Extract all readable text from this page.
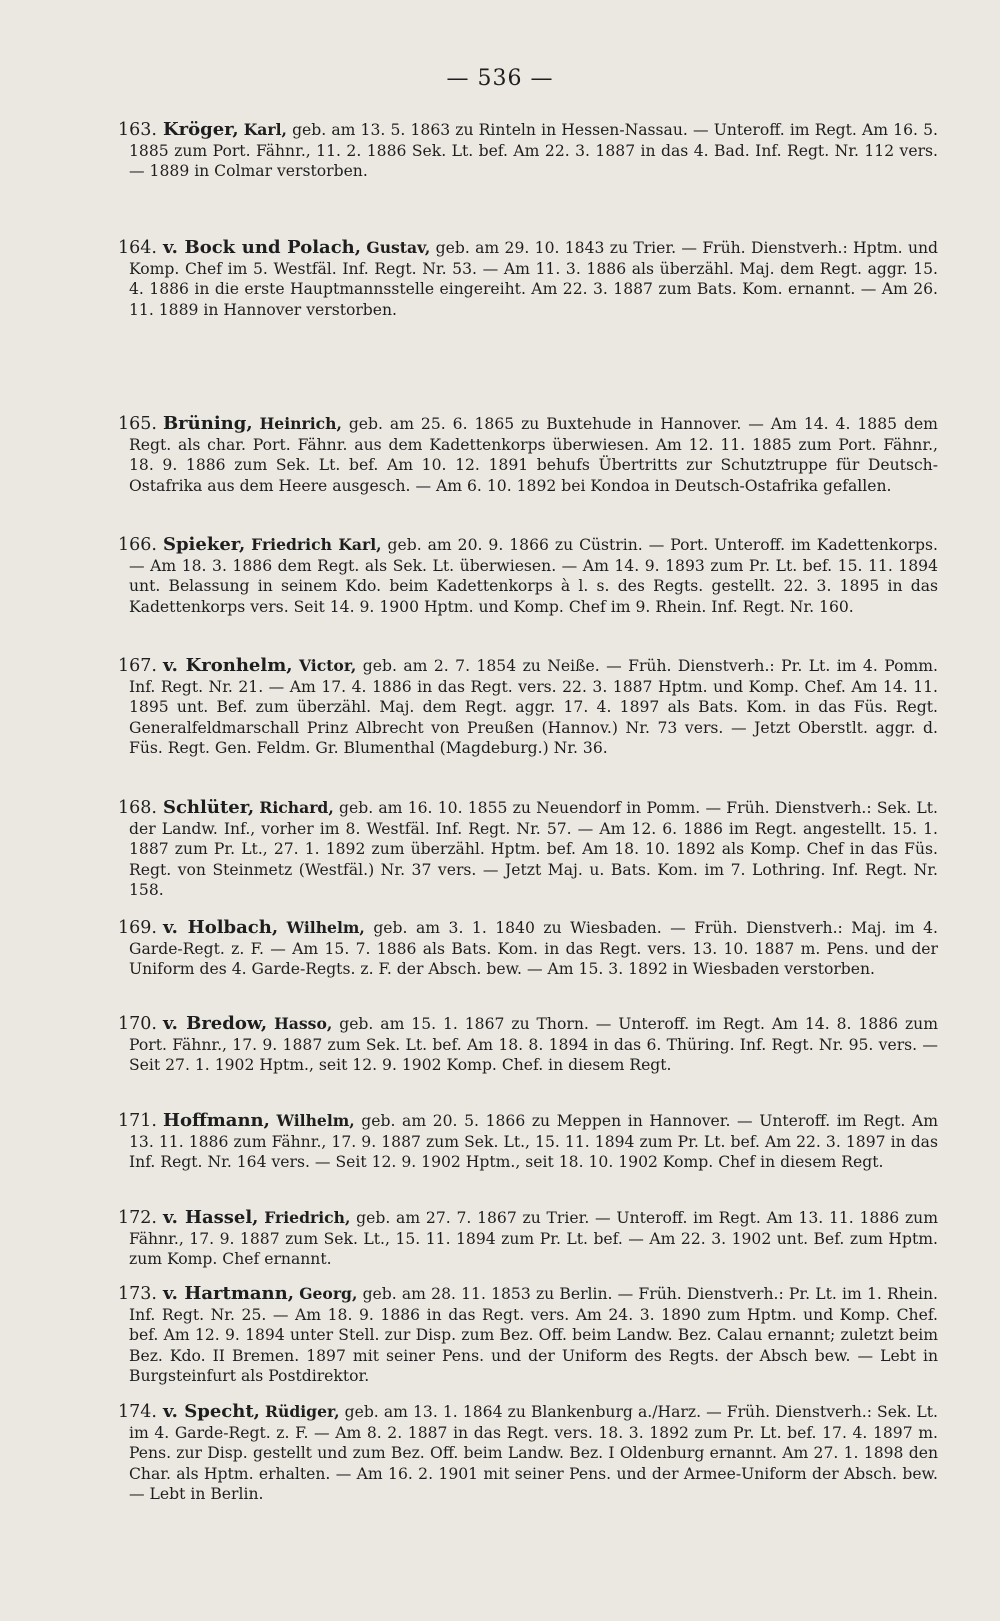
— 536 —

163. Kröger, Karl, geb. am 13. 5. 1863 zu Rinteln in Hessen-Nassau. — Unteroff. im Regt. Am 16. 5. 1885 zum Port. Fähnr., 11. 2. 1886 Sek. Lt. bef. Am 22. 3. 1887 in das 4. Bad. Inf. Regt. Nr. 112 vers. — 1889 in Colmar verstorben.

164. v. Bock und Polach, Gustav, geb. am 29. 10. 1843 zu Trier. — Früh. Dienstverh.: Hptm. und Komp. Chef im 5. Westfäl. Inf. Regt. Nr. 53. — Am 11. 3. 1886 als überzähl. Maj. dem Regt. aggr. 15. 4. 1886 in die erste Hauptmannsstelle eingereiht. Am 22. 3. 1887 zum Bats. Kom. ernannt. — Am 26. 11. 1889 in Hannover verstorben.

165. Brüning, Heinrich, geb. am 25. 6. 1865 zu Buxtehude in Hannover. — Am 14. 4. 1885 dem Regt. als char. Port. Fähnr. aus dem Kadettenkorps überwiesen. Am 12. 11. 1885 zum Port. Fähnr., 18. 9. 1886 zum Sek. Lt. bef. Am 10. 12. 1891 behufs Übertritts zur Schutztruppe für Deutsch-Ostafrika aus dem Heere ausgesch. — Am 6. 10. 1892 bei Kondoa in Deutsch-Ostafrika gefallen.

166. Spieker, Friedrich Karl, geb. am 20. 9. 1866 zu Cüstrin. — Port. Unteroff. im Kadettenkorps. — Am 18. 3. 1886 dem Regt. als Sek. Lt. überwiesen. — Am 14. 9. 1893 zum Pr. Lt. bef. 15. 11. 1894 unt. Belassung in seinem Kdo. beim Kadettenkorps à l. s. des Regts. gestellt. 22. 3. 1895 in das Kadettenkorps vers. Seit 14. 9. 1900 Hptm. und Komp. Chef im 9. Rhein. Inf. Regt. Nr. 160.

167. v. Kronhelm, Victor, geb. am 2. 7. 1854 zu Neiße. — Früh. Dienstverh.: Pr. Lt. im 4. Pomm. Inf. Regt. Nr. 21. — Am 17. 4. 1886 in das Regt. vers. 22. 3. 1887 Hptm. und Komp. Chef. Am 14. 11. 1895 unt. Bef. zum überzähl. Maj. dem Regt. aggr. 17. 4. 1897 als Bats. Kom. in das Füs. Regt. Generalfeldmarschall Prinz Albrecht von Preußen (Hannov.) Nr. 73 vers. — Jetzt Oberstlt. aggr. d. Füs. Regt. Gen. Feldm. Gr. Blumenthal (Magdeburg.) Nr. 36.

168. Schlüter, Richard, geb. am 16. 10. 1855 zu Neuendorf in Pomm. — Früh. Dienstverh.: Sek. Lt. der Landw. Inf., vorher im 8. Westfäl. Inf. Regt. Nr. 57. — Am 12. 6. 1886 im Regt. angestellt. 15. 1. 1887 zum Pr. Lt., 27. 1. 1892 zum überzähl. Hptm. bef. Am 18. 10. 1892 als Komp. Chef in das Füs. Regt. von Steinmetz (Westfäl.) Nr. 37 vers. — Jetzt Maj. u. Bats. Kom. im 7. Lothring. Inf. Regt. Nr. 158.

169. v. Holbach, Wilhelm, geb. am 3. 1. 1840 zu Wiesbaden. — Früh. Dienstverh.: Maj. im 4. Garde-Regt. z. F. — Am 15. 7. 1886 als Bats. Kom. in das Regt. vers. 13. 10. 1887 m. Pens. und der Uniform des 4. Garde-Regts. z. F. der Absch. bew. — Am 15. 3. 1892 in Wiesbaden verstorben.

170. v. Bredow, Hasso, geb. am 15. 1. 1867 zu Thorn. — Unteroff. im Regt. Am 14. 8. 1886 zum Port. Fähnr., 17. 9. 1887 zum Sek. Lt. bef. Am 18. 8. 1894 in das 6. Thüring. Inf. Regt. Nr. 95. vers. — Seit 27. 1. 1902 Hptm., seit 12. 9. 1902 Komp. Chef. in diesem Regt.

171. Hoffmann, Wilhelm, geb. am 20. 5. 1866 zu Meppen in Hannover. — Unteroff. im Regt. Am 13. 11. 1886 zum Fähnr., 17. 9. 1887 zum Sek. Lt., 15. 11. 1894 zum Pr. Lt. bef. Am 22. 3. 1897 in das Inf. Regt. Nr. 164 vers. — Seit 12. 9. 1902 Hptm., seit 18. 10. 1902 Komp. Chef in diesem Regt.

172. v. Hassel, Friedrich, geb. am 27. 7. 1867 zu Trier. — Unteroff. im Regt. Am 13. 11. 1886 zum Fähnr., 17. 9. 1887 zum Sek. Lt., 15. 11. 1894 zum Pr. Lt. bef. — Am 22. 3. 1902 unt. Bef. zum Hptm. zum Komp. Chef ernannt.

173. v. Hartmann, Georg, geb. am 28. 11. 1853 zu Berlin. — Früh. Dienstverh.: Pr. Lt. im 1. Rhein. Inf. Regt. Nr. 25. — Am 18. 9. 1886 in das Regt. vers. Am 24. 3. 1890 zum Hptm. und Komp. Chef. bef. Am 12. 9. 1894 unter Stell. zur Disp. zum Bez. Off. beim Landw. Bez. Calau ernannt; zuletzt beim Bez. Kdo. II Bremen. 1897 mit seiner Pens. und der Uniform des Regts. der Absch bew. — Lebt in Burgsteinfurt als Postdirektor.

174. v. Specht, Rüdiger, geb. am 13. 1. 1864 zu Blankenburg a./Harz. — Früh. Dienstverh.: Sek. Lt. im 4. Garde-Regt. z. F. — Am 8. 2. 1887 in das Regt. vers. 18. 3. 1892 zum Pr. Lt. bef. 17. 4. 1897 m. Pens. zur Disp. gestellt und zum Bez. Off. beim Landw. Bez. I Oldenburg ernannt. Am 27. 1. 1898 den Char. als Hptm. erhalten. — Am 16. 2. 1901 mit seiner Pens. und der Armee-Uniform der Absch. bew. — Lebt in Berlin.
